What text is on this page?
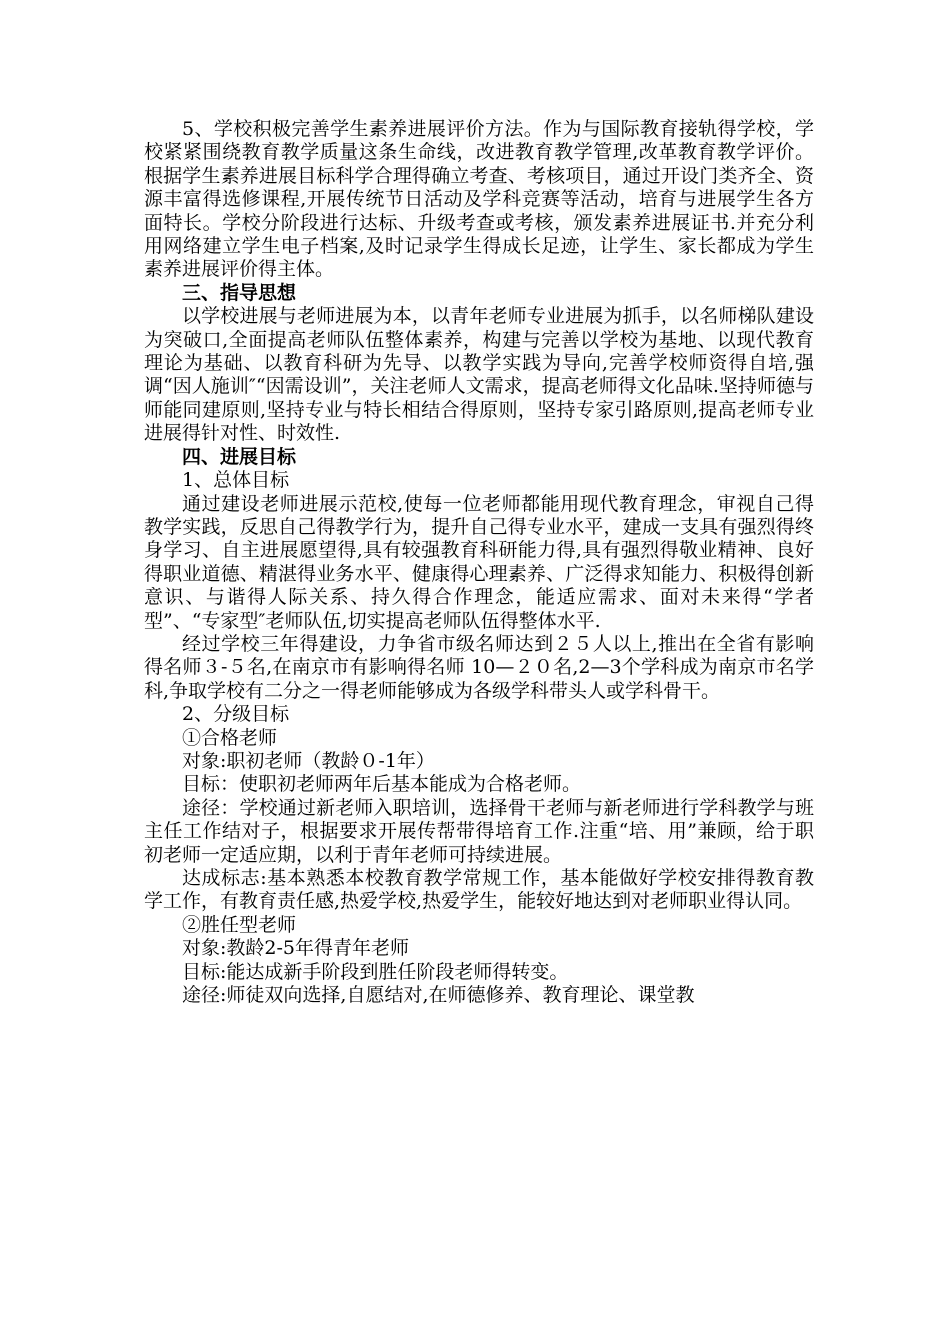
5、学校积极完善学生素养进展评价方法。作为与国际教育接轨得学校，学校紧紧围绕教育教学质量这条生命线，改进教育教学管理,改革教育教学评价。根据学生素养进展目标科学合理得确立考查、考核项目，通过开设门类齐全、资源丰富得选修课程,开展传统节日活动及学科竞赛等活动，培育与进展学生各方面特长。学校分阶段进行达标、升级考查或考核，颁发素养进展证书.并充分利用网络建立学生电子档案,及时记录学生得成长足迹，让学生、家长都成为学生素养进展评价得主体。

三、指导思想

以学校进展与老师进展为本，以青年老师专业进展为抓手，以名师梯队建设为突破口,全面提高老师队伍整体素养，构建与完善以学校为基地、以现代教育理论为基础、以教育科研为先导、以教学实践为导向,完善学校师资得自培,强调“因人施训″“因需设训”，关注老师人文需求，提高老师得文化品味.坚持师德与师能同建原则,坚持专业与特长相结合得原则，坚持专家引路原则,提高老师专业进展得针对性、时效性.

四、进展目标

1、总体目标

通过建设老师进展示范校,使每一位老师都能用现代教育理念，审视自己得教学实践，反思自己得教学行为，提升自己得专业水平，建成一支具有强烈得终身学习、自主进展愿望得,具有较强教育科研能力得,具有强烈得敬业精神、良好得职业道德、精湛得业务水平、健康得心理素养、广泛得求知能力、积极得创新意识、与谐得人际关系、持久得合作理念，能适应需求、面对未来得“学者型”、“专家型″老师队伍,切实提高老师队伍得整体水平.

经过学校三年得建设，力争省市级名师达到２５人以上,推出在全省有影响得名师３-５名,在南京市有影响得名师 10—２０名,2—3个学科成为南京市名学科,争取学校有二分之一得老师能够成为各级学科带头人或学科骨干。

2、分级目标

①合格老师

对象:职初老师（教龄０-1年）

目标：使职初老师两年后基本能成为合格老师。

途径：学校通过新老师入职培训，选择骨干老师与新老师进行学科教学与班主任工作结对子，根据要求开展传帮带得培育工作.注重“培、用”兼顾，给于职初老师一定适应期，以利于青年老师可持续进展。

达成标志:基本熟悉本校教育教学常规工作，基本能做好学校安排得教育教学工作，有教育责任感,热爱学校,热爱学生，能较好地达到对老师职业得认同。

②胜任型老师

对象:教龄2-5年得青年老师

目标:能达成新手阶段到胜任阶段老师得转变。

途径:师徒双向选择,自愿结对,在师德修养、教育理论、课堂教
